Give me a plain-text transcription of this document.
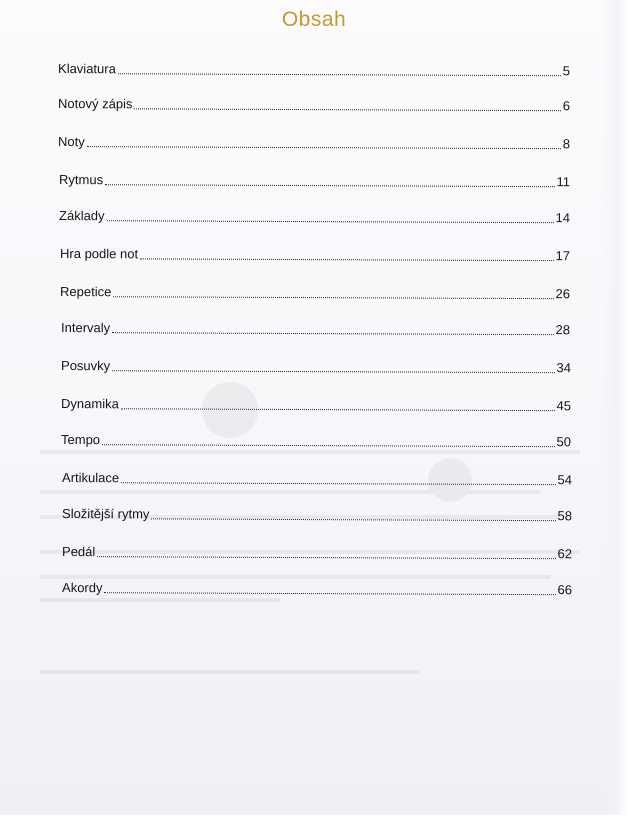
Obsah
Klaviatura	5
Notový zápis	6
Noty	8
Rytmus	11
Základy	14
Hra podle not	17
Repetice	26
Intervaly	28
Posuvky	34
Dynamika	45
Tempo	50
Artikulace	54
Složitější rytmy	58
Pedál	62
Akordy	66
